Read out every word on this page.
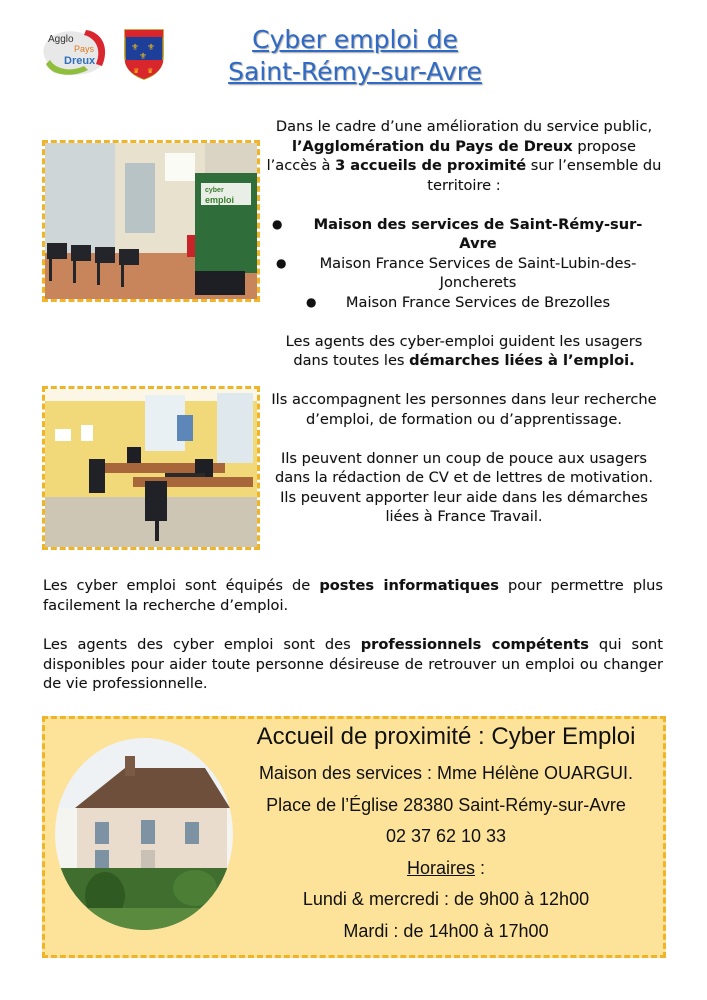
Agglo
Pays
Dreux
⚜ ⚜
⚜
♛ ♛
Cyber emploi de
Saint-Rémy-sur-Avre
cyber
emploi

Dans le cadre d’une amélioration du service public, l’Agglomération du Pays de Dreux propose l’accès à 3 accueils de proximité sur l’ensemble du territoire :

● Maison des services de Saint-Rémy-sur-Avre
● Maison France Services de Saint-Lubin-des-Joncherets
● Maison France Services de Brezolles

Les agents des cyber-emploi guident les usagers dans toutes les démarches liées à l’emploi.

Ils accompagnent les personnes dans leur recherche d’emploi, de formation ou d’apprentissage.

Ils peuvent donner un coup de pouce aux usagers dans la rédaction de CV et de lettres de motivation. Ils peuvent apporter leur aide dans les démarches liées à France Travail.

Les cyber emploi sont équipés de postes informatiques pour permettre plus facilement la recherche d’emploi.

Les agents des cyber emploi sont des professionnels compétents qui sont disponibles pour aider toute personne désireuse de retrouver un emploi ou changer de vie professionnelle.

Accueil de proximité : Cyber Emploi
Maison des services : Mme Hélène OUARGUI.
Place de l’Église 28380 Saint-Rémy-sur-Avre
02 37 62 10 33
Horaires :
Lundi & mercredi : de 9h00 à 12h00
Mardi : de 14h00 à 17h00
